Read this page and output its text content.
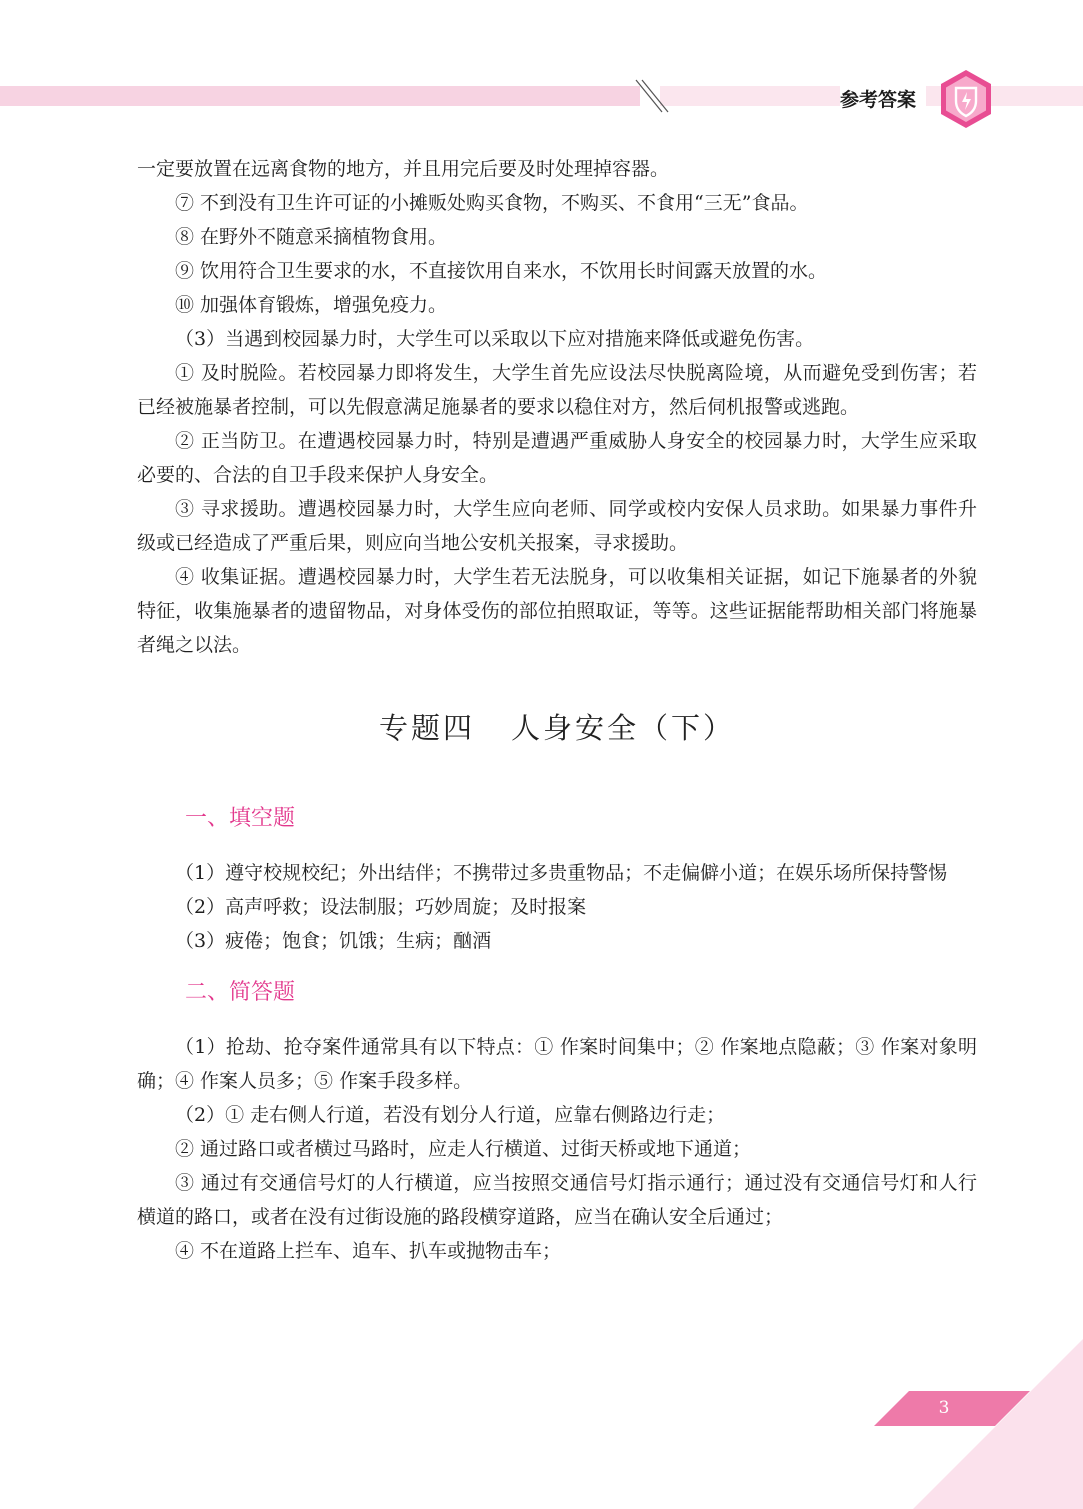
参考答案

一定要放置在远离食物的地方，并且用完后要及时处理掉容器。

⑦ 不到没有卫生许可证的小摊贩处购买食物，不购买、不食用“三无”食品。

⑧ 在野外不随意采摘植物食用。

⑨ 饮用符合卫生要求的水，不直接饮用自来水，不饮用长时间露天放置的水。

⑩ 加强体育锻炼，增强免疫力。

（3）当遇到校园暴力时，大学生可以采取以下应对措施来降低或避免伤害。

① 及时脱险。若校园暴力即将发生，大学生首先应设法尽快脱离险境，从而避免受到伤害；若已经被施暴者控制，可以先假意满足施暴者的要求以稳住对方，然后伺机报警或逃跑。

② 正当防卫。在遭遇校园暴力时，特别是遭遇严重威胁人身安全的校园暴力时，大学生应采取必要的、合法的自卫手段来保护人身安全。

③ 寻求援助。遭遇校园暴力时，大学生应向老师、同学或校内安保人员求助。如果暴力事件升级或已经造成了严重后果，则应向当地公安机关报案，寻求援助。

④ 收集证据。遭遇校园暴力时，大学生若无法脱身，可以收集相关证据，如记下施暴者的外貌特征，收集施暴者的遗留物品，对身体受伤的部位拍照取证，等等。这些证据能帮助相关部门将施暴者绳之以法。

专题四 人身安全（下）

一、填空题

（1）遵守校规校纪；外出结伴；不携带过多贵重物品；不走偏僻小道；在娱乐场所保持警惕

（2）高声呼救；设法制服；巧妙周旋；及时报案

（3）疲倦；饱食；饥饿；生病；酗酒

二、简答题

（1）抢劫、抢夺案件通常具有以下特点：① 作案时间集中；② 作案地点隐蔽；③ 作案对象明确；④ 作案人员多；⑤ 作案手段多样。

（2）① 走右侧人行道，若没有划分人行道，应靠右侧路边行走；

② 通过路口或者横过马路时，应走人行横道、过街天桥或地下通道；

③ 通过有交通信号灯的人行横道，应当按照交通信号灯指示通行；通过没有交通信号灯和人行横道的路口，或者在没有过街设施的路段横穿道路，应当在确认安全后通过；

④ 不在道路上拦车、追车、扒车或抛物击车；

3
